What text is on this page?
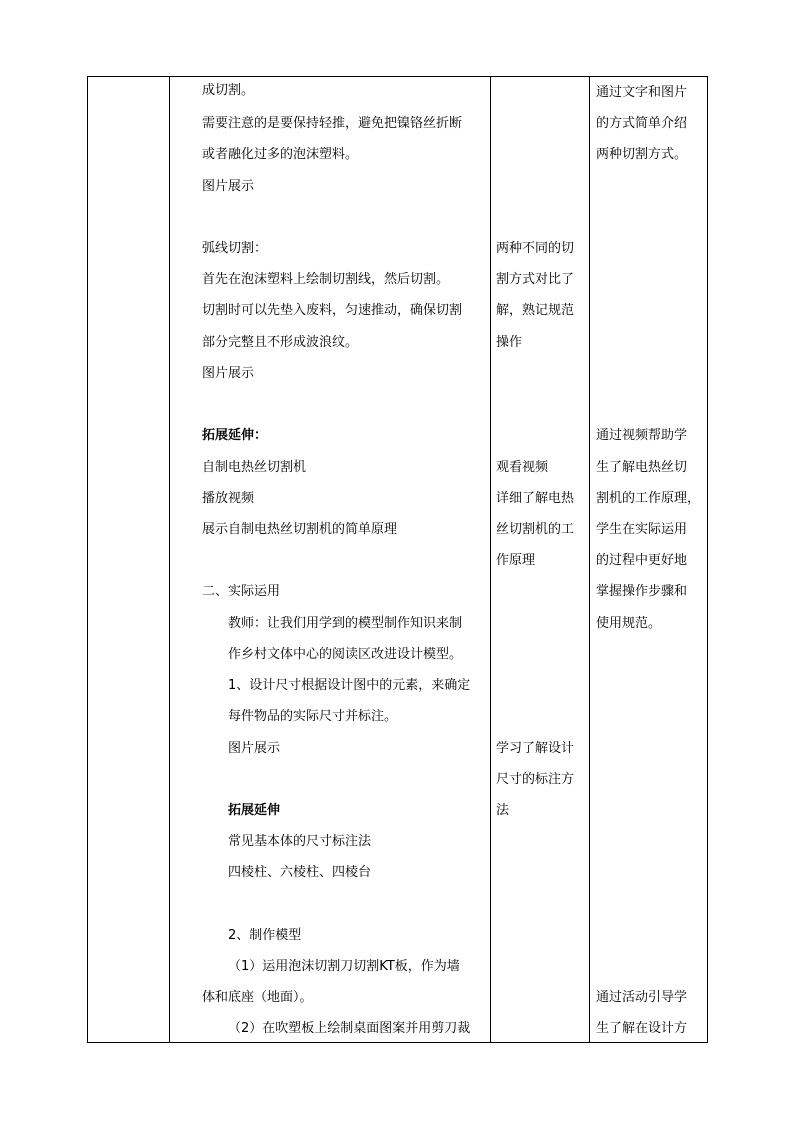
成切割。
需要注意的是要保持轻推，避免把镍铬丝折断
或者融化过多的泡沫塑料。
图片展示
弧线切割：
首先在泡沫塑料上绘制切割线，然后切割。
切割时可以先垫入废料，匀速推动，确保切割
部分完整且不形成波浪纹。
图片展示
拓展延伸：
自制电热丝切割机
播放视频
展示自制电热丝切割机的简单原理
二、实际运用
教师：让我们用学到的模型制作知识来制
作乡村文体中心的阅读区改进设计模型。
1、设计尺寸根据设计图中的元素，来确定
每件物品的实际尺寸并标注。
图片展示
拓展延伸
常见基本体的尺寸标注法
四棱柱、六棱柱、四棱台
2、制作模型
（1）运用泡沫切割刀切割KT板，作为墙
体和底座（地面）。
（2）在吹塑板上绘制桌面图案并用剪刀裁
两种不同的切
割方式对比了
解，熟记规范
操作
观看视频
详细了解电热
丝切割机的工
作原理
学习了解设计
尺寸的标注方
法
通过文字和图片
的方式简单介绍
两种切割方式。
通过视频帮助学
生了解电热丝切
割机的工作原理，
学生在实际运用
的过程中更好地
掌握操作步骤和
使用规范。
通过活动引导学
生了解在设计方
